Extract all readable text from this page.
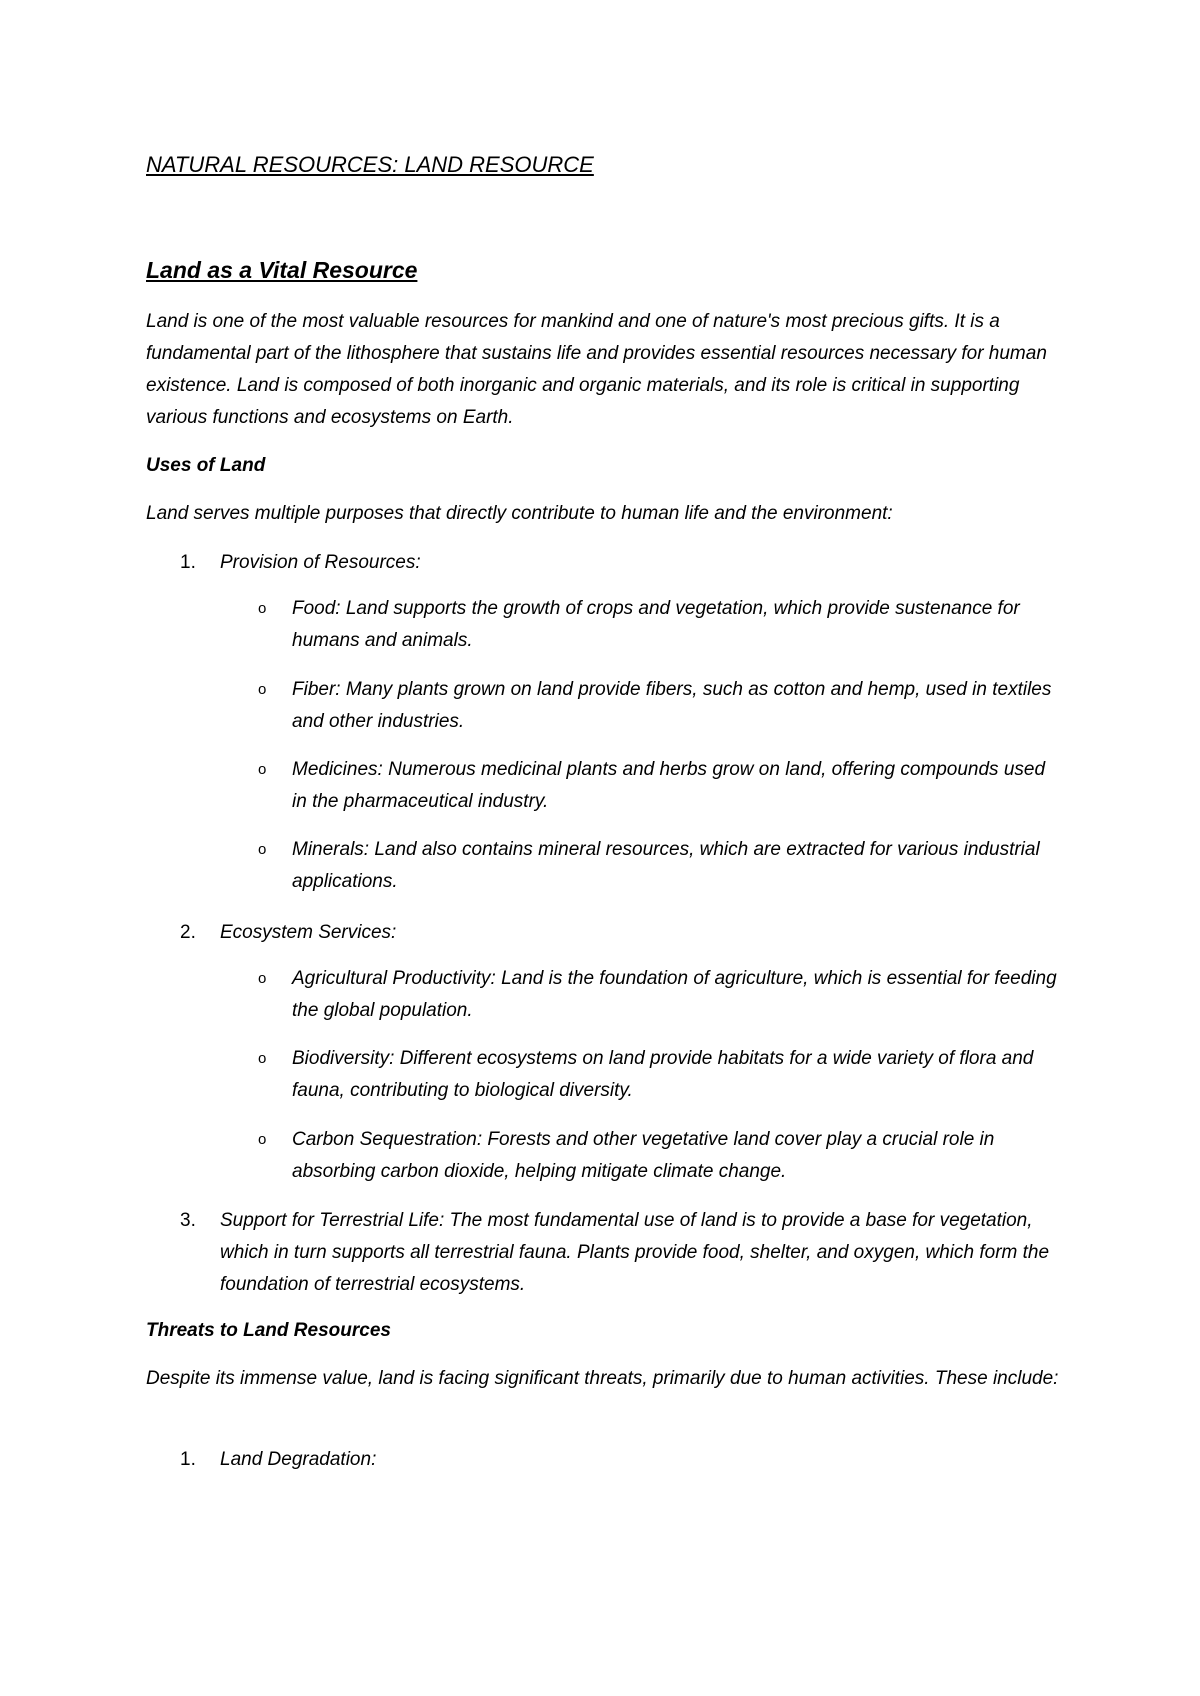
NATURAL RESOURCES: LAND RESOURCE
Land as a Vital Resource

Land is one of the most valuable resources for mankind and one of nature's most precious gifts. It is a fundamental part of the lithosphere that sustains life and provides essential resources necessary for human existence. Land is composed of both inorganic and organic materials, and its role is critical in supporting various functions and ecosystems on Earth.

Uses of Land

Land serves multiple purposes that directly contribute to human life and the environment:

1. Provision of Resources:
o Food: Land supports the growth of crops and vegetation, which provide sustenance for humans and animals.
o Fiber: Many plants grown on land provide fibers, such as cotton and hemp, used in textiles and other industries.
o Medicines: Numerous medicinal plants and herbs grow on land, offering compounds used in the pharmaceutical industry.
o Minerals: Land also contains mineral resources, which are extracted for various industrial applications.
2. Ecosystem Services:
o Agricultural Productivity: Land is the foundation of agriculture, which is essential for feeding the global population.
o Biodiversity: Different ecosystems on land provide habitats for a wide variety of flora and fauna, contributing to biological diversity.
o Carbon Sequestration: Forests and other vegetative land cover play a crucial role in absorbing carbon dioxide, helping mitigate climate change.
3. Support for Terrestrial Life: The most fundamental use of land is to provide a base for vegetation, which in turn supports all terrestrial fauna. Plants provide food, shelter, and oxygen, which form the foundation of terrestrial ecosystems.
Threats to Land Resources

Despite its immense value, land is facing significant threats, primarily due to human activities. These include:

1. Land Degradation:
